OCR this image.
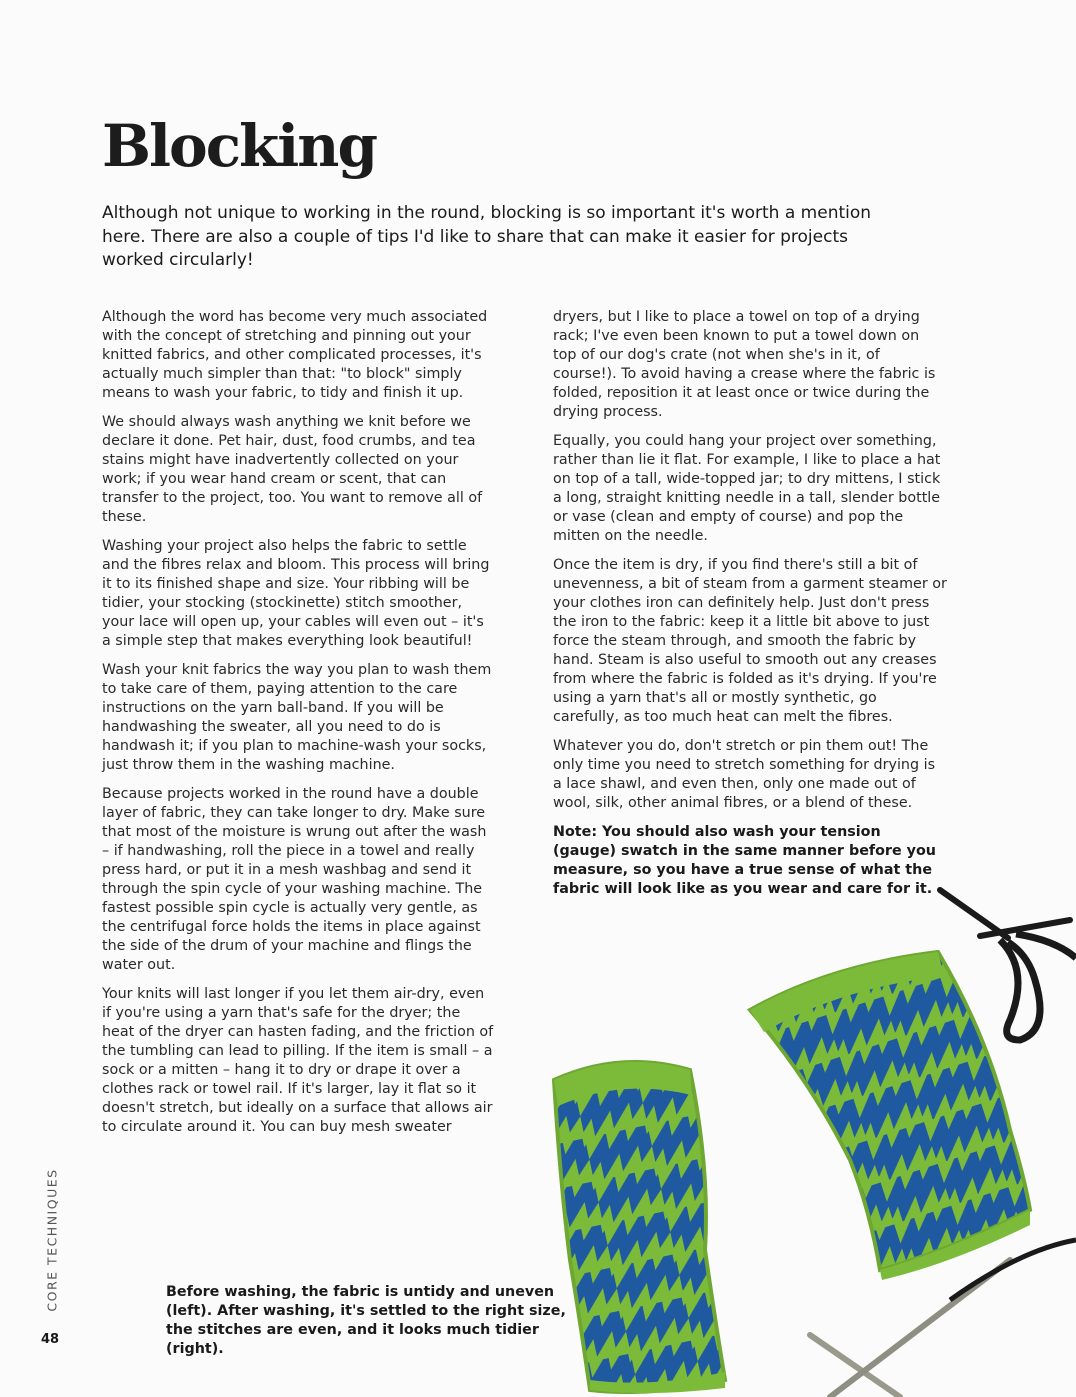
Blocking

Although not unique to working in the round, blocking is so important it's worth a mention here. There are also a couple of tips I'd like to share that can make it easier for projects worked circularly!

Although the word has become very much associated with the concept of stretching and pinning out your knitted fabrics, and other complicated processes, it's actually much simpler than that: "to block" simply means to wash your fabric, to tidy and finish it up.

We should always wash anything we knit before we declare it done. Pet hair, dust, food crumbs, and tea stains might have inadvertently collected on your work; if you wear hand cream or scent, that can transfer to the project, too. You want to remove all of these.

Washing your project also helps the fabric to settle and the fibres relax and bloom. This process will bring it to its finished shape and size. Your ribbing will be tidier, your stocking (stockinette) stitch smoother, your lace will open up, your cables will even out – it's a simple step that makes everything look beautiful!

Wash your knit fabrics the way you plan to wash them to take care of them, paying attention to the care instructions on the yarn ball-band. If you will be handwashing the sweater, all you need to do is handwash it; if you plan to machine-wash your socks, just throw them in the washing machine.

Because projects worked in the round have a double layer of fabric, they can take longer to dry. Make sure that most of the moisture is wrung out after the wash – if handwashing, roll the piece in a towel and really press hard, or put it in a mesh washbag and send it through the spin cycle of your washing machine. The fastest possible spin cycle is actually very gentle, as the centrifugal force holds the items in place against the side of the drum of your machine and flings the water out.

Your knits will last longer if you let them air-dry, even if you're using a yarn that's safe for the dryer; the heat of the dryer can hasten fading, and the friction of the tumbling can lead to pilling. If the item is small – a sock or a mitten – hang it to dry or drape it over a clothes rack or towel rail. If it's larger, lay it flat so it doesn't stretch, but ideally on a surface that allows air to circulate around it. You can buy mesh sweater

dryers, but I like to place a towel on top of a drying rack; I've even been known to put a towel down on top of our dog's crate (not when she's in it, of course!). To avoid having a crease where the fabric is folded, reposition it at least once or twice during the drying process.

Equally, you could hang your project over something, rather than lie it flat. For example, I like to place a hat on top of a tall, wide-topped jar; to dry mittens, I stick a long, straight knitting needle in a tall, slender bottle or vase (clean and empty of course) and pop the mitten on the needle.

Once the item is dry, if you find there's still a bit of unevenness, a bit of steam from a garment steamer or your clothes iron can definitely help. Just don't press the iron to the fabric: keep it a little bit above to just force the steam through, and smooth the fabric by hand. Steam is also useful to smooth out any creases from where the fabric is folded as it's drying. If you're using a yarn that's all or mostly synthetic, go carefully, as too much heat can melt the fibres.

Whatever you do, don't stretch or pin them out! The only time you need to stretch something for drying is a lace shawl, and even then, only one made out of wool, silk, other animal fibres, or a blend of these.

Note: You should also wash your tension (gauge) swatch in the same manner before you measure, so you have a true sense of what the fabric will look like as you wear and care for it.

Before washing, the fabric is untidy and uneven (left). After washing, it's settled to the right size, the stitches are even, and it looks much tidier (right).

CORE TECHNIQUES
48
